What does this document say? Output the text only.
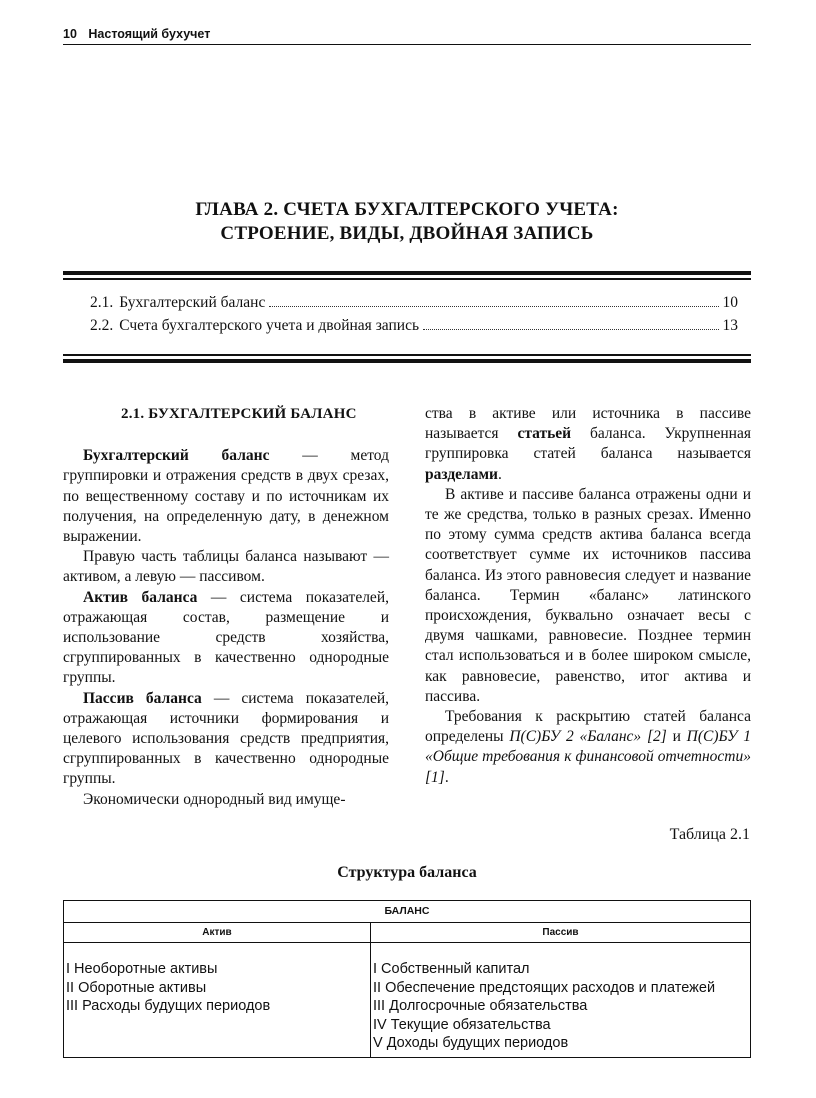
10 Настоящий бухучет
ГЛАВА 2. СЧЕТА БУХГАЛТЕРСКОГО УЧЕТА:
СТРОЕНИЕ, ВИДЫ, ДВОЙНАЯ ЗАПИСЬ
2.1. Бухгалтерский баланс	10
2.2. Счета бухгалтерского учета и двойная запись	13

2.1. БУХГАЛТЕРСКИЙ БАЛАНС

Бухгалтерский баланс — метод группировки и отражения средств в двух срезах, по вещественному составу и по источникам их получения, на определенную дату, в денежном выражении.

Правую часть таблицы баланса называют — активом, а левую — пассивом.

Актив баланса — система показателей, отражающая состав, размещение и использование средств хозяйства, сгруппированных в качественно однородные группы.

Пассив баланса — система показателей, отражающая источники формирования и целевого использования средств предприятия, сгруппированных в качественно однородные группы.

Экономически однородный вид имуще-

ства в активе или источника в пассиве называется статьей баланса. Укрупненная группировка статей баланса называется разделами.

В активе и пассиве баланса отражены одни и те же средства, только в разных срезах. Именно по этому сумма средств актива баланса всегда соответствует сумме их источников пассива баланса. Из этого равновесия следует и название баланса. Термин «баланс» латинского происхождения, буквально означает весы с двумя чашками, равновесие. Позднее термин стал использоваться и в более широком смысле, как равновесие, равенство, итог актива и пассива.

Требования к раскрытию статей баланса определены П(С)БУ 2 «Баланс» [2] и П(С)БУ 1 «Общие требования к финансовой отчетности» [1].

Таблица 2.1
Структура баланса
БАЛАНС
Актив
I Необоротные активы
II Оборотные активы
III Расходы будущих периодов
Пассив
I Собственный капитал
II Обеспечение предстоящих расходов и платежей
III Долгосрочные обязательства
IV Текущие обязательства
V Доходы будущих периодов
